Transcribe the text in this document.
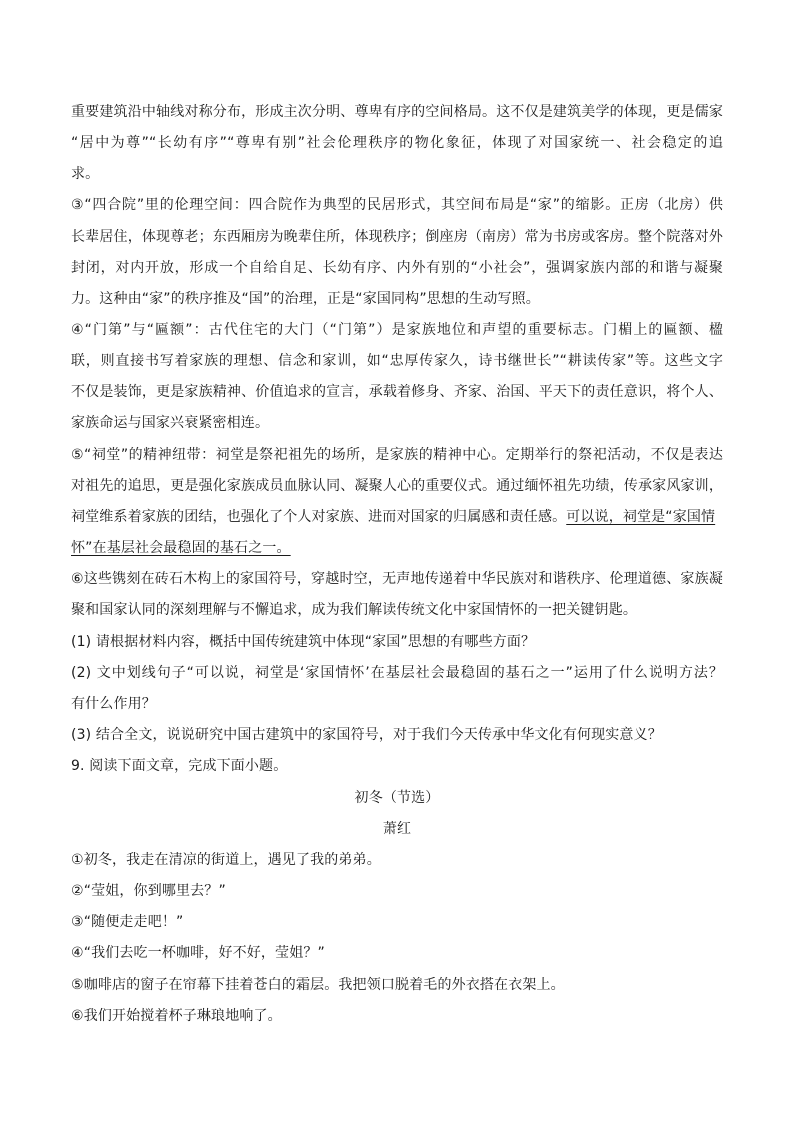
重要建筑沿中轴线对称分布，形成主次分明、尊卑有序的空间格局。这不仅是建筑美学的体现，更是儒家
“居中为尊”“长幼有序”“尊卑有别”社会伦理秩序的物化象征，体现了对国家统一、社会稳定的追
求。
③“四合院”里的伦理空间：四合院作为典型的民居形式，其空间布局是“家”的缩影。正房（北房）供
长辈居住，体现尊老；东西厢房为晚辈住所，体现秩序；倒座房（南房）常为书房或客房。整个院落对外
封闭，对内开放，形成一个自给自足、长幼有序、内外有别的“小社会”，强调家族内部的和谐与凝聚
力。这种由“家”的秩序推及“国”的治理，正是“家国同构”思想的生动写照。
④“门第”与“匾额”：古代住宅的大门（“门第”）是家族地位和声望的重要标志。门楣上的匾额、楹
联，则直接书写着家族的理想、信念和家训，如“忠厚传家久，诗书继世长”“耕读传家”等。这些文字
不仅是装饰，更是家族精神、价值追求的宣言，承载着修身、齐家、治国、平天下的责任意识，将个人、
家族命运与国家兴衰紧密相连。
⑤“祠堂”的精神纽带：祠堂是祭祀祖先的场所，是家族的精神中心。定期举行的祭祀活动，不仅是表达
对祖先的追思，更是强化家族成员血脉认同、凝聚人心的重要仪式。通过缅怀祖先功绩，传承家风家训，
祠堂维系着家族的团结，也强化了个人对家族、进而对国家的归属感和责任感。可以说，祠堂是“家国情
怀”在基层社会最稳固的基石之一。
⑥这些镌刻在砖石木构上的家国符号，穿越时空，无声地传递着中华民族对和谐秩序、伦理道德、家族凝
聚和国家认同的深刻理解与不懈追求，成为我们解读传统文化中家国情怀的一把关键钥匙。
(1) 请根据材料内容，概括中国传统建筑中体现“家国”思想的有哪些方面？
(2) 文中划线句子“可以说，祠堂是‘家国情怀’在基层社会最稳固的基石之一”运用了什么说明方法？
有什么作用？
(3) 结合全文，说说研究中国古建筑中的家国符号，对于我们今天传承中华文化有何现实意义？
9. 阅读下面文章，完成下面小题。
初冬（节选）
萧红
①初冬，我走在清凉的街道上，遇见了我的弟弟。
②“莹姐，你到哪里去？”
③“随便走走吧！”
④“我们去吃一杯咖啡，好不好，莹姐？”
⑤咖啡店的窗子在帘幕下挂着苍白的霜层。我把领口脱着毛的外衣搭在衣架上。
⑥我们开始搅着杯子琳琅地响了。
